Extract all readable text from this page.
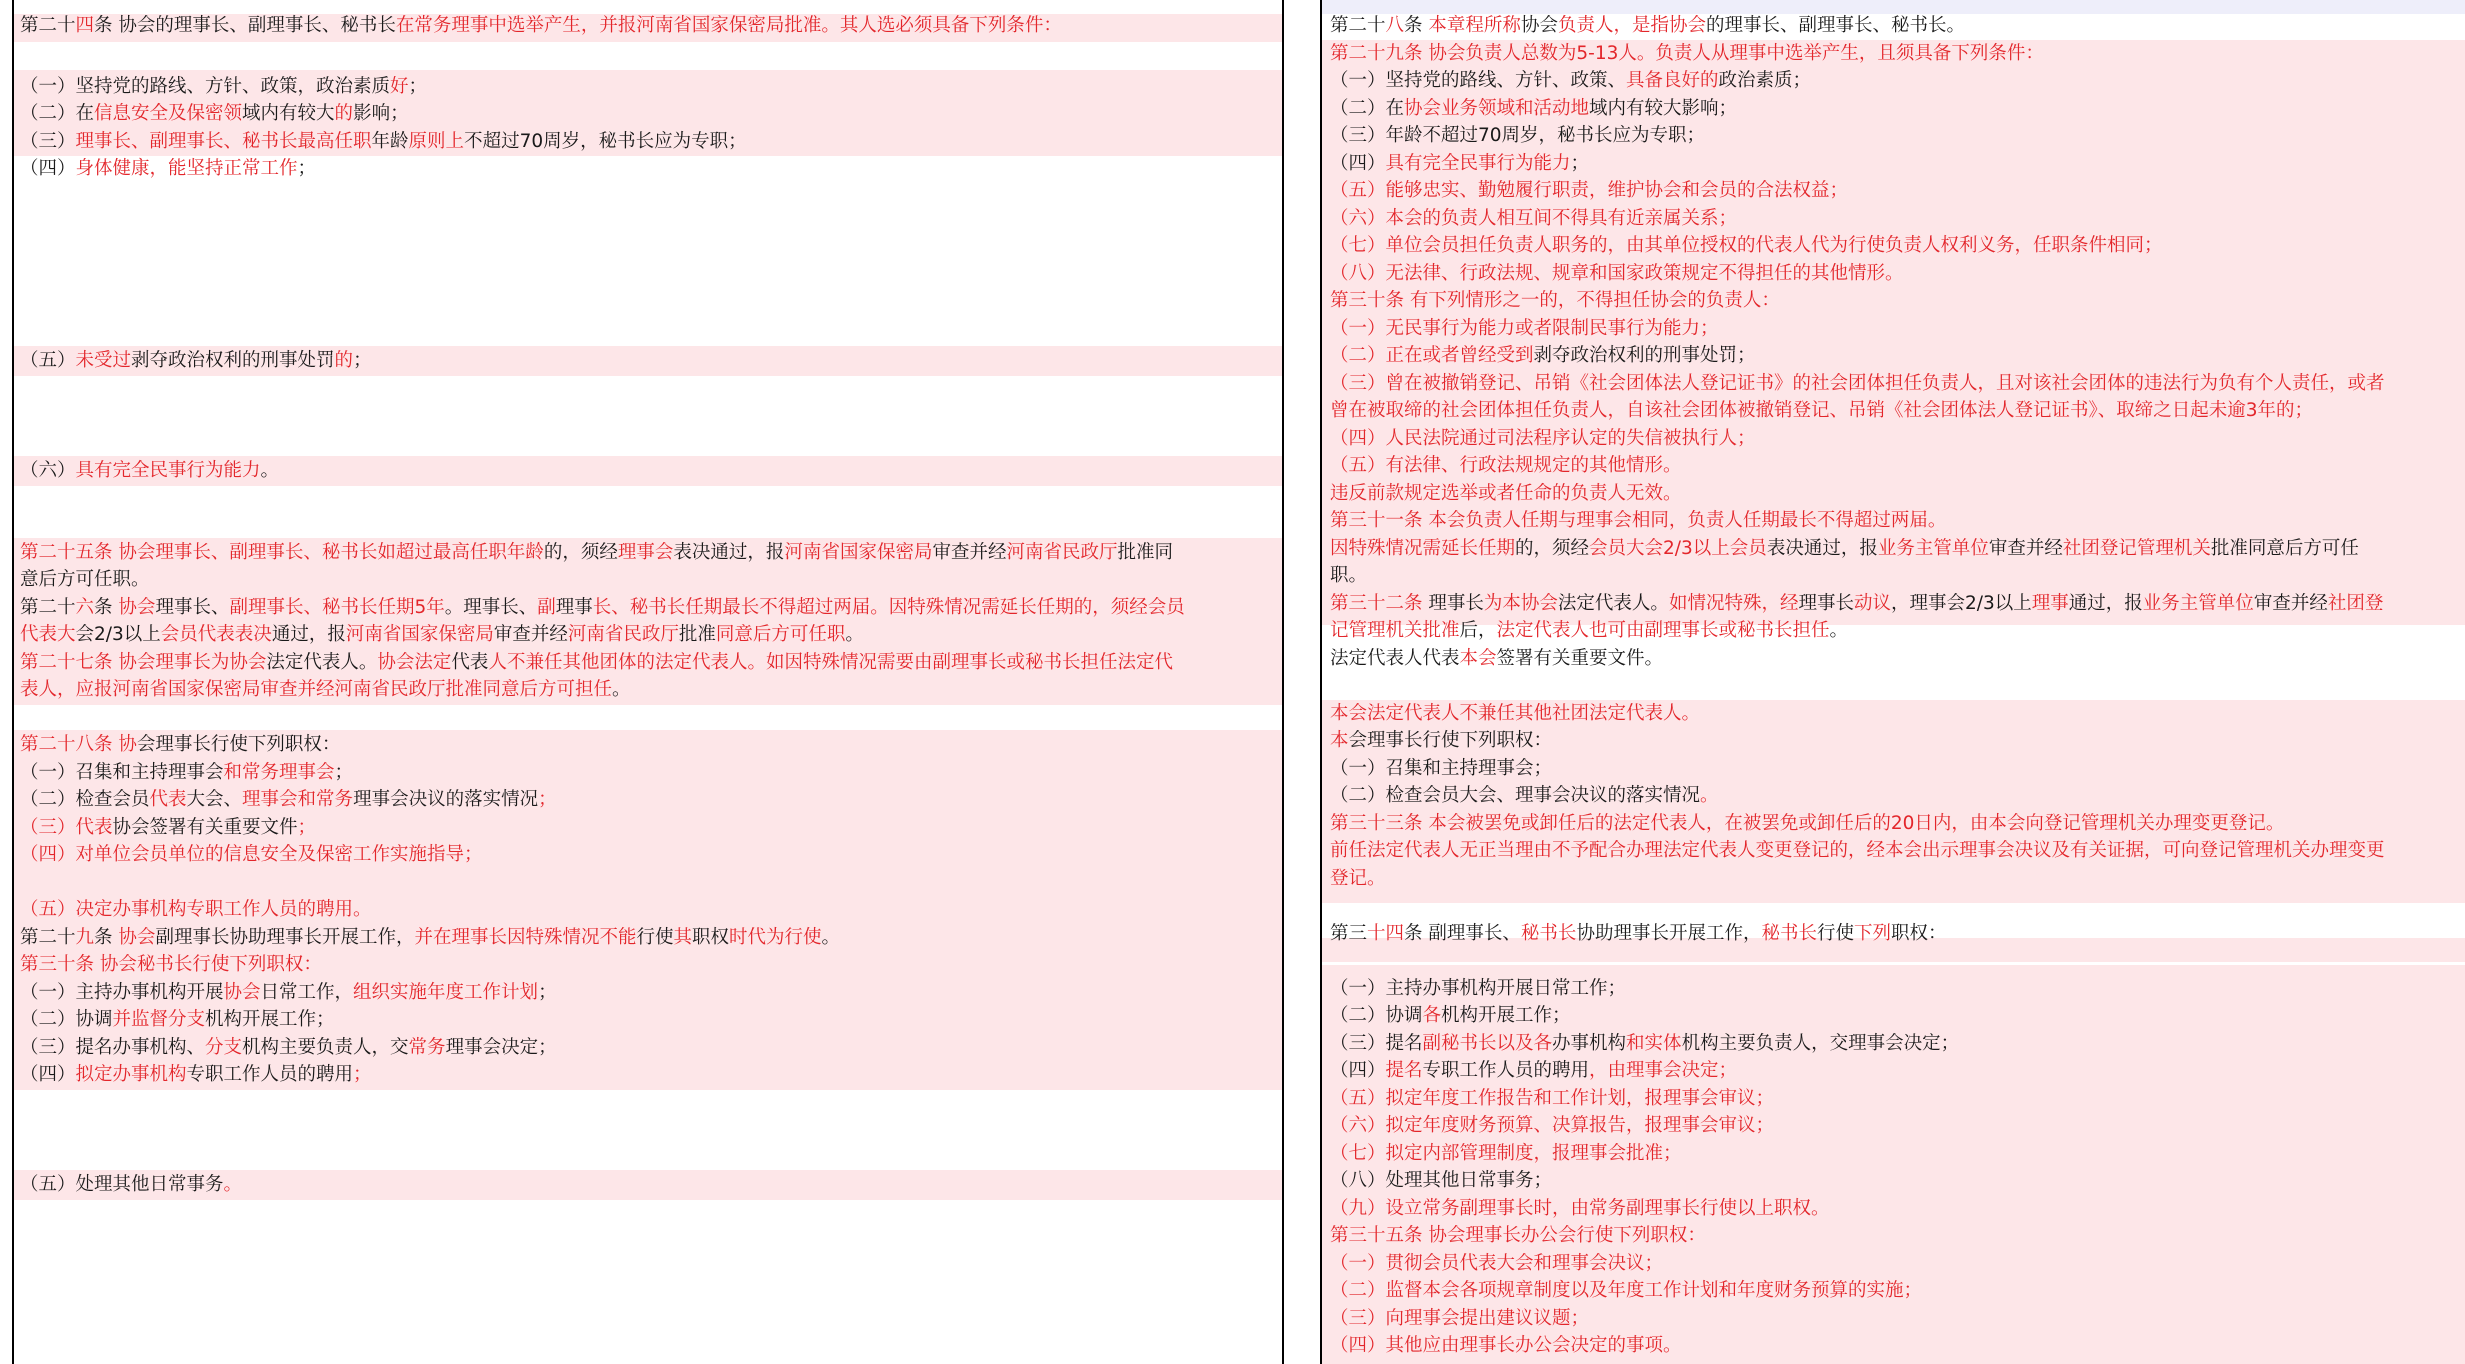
第二十四条 协会的理事长、副理事长、秘书长在常务理事中选举产生，并报河南省国家保密局批准。其人选必须具备下列条件：
（一）坚持党的路线、方针、政策，政治素质好；
（二）在信息安全及保密领域内有较大的影响；
（三）理事长、副理事长、秘书长最高任职年龄原则上不超过70周岁，秘书长应为专职；
（四）身体健康，能坚持正常工作；
（五）未受过剥夺政治权利的刑事处罚的；
（六）具有完全民事行为能力。
第二十五条 协会理事长、副理事长、秘书长如超过最高任职年龄的，须经理事会表决通过，报河南省国家保密局审查并经河南省民政厅批准同
意后方可任职。
第二十六条 协会理事长、副理事长、秘书长任期5年。理事长、副理事长、秘书长任期最长不得超过两届。因特殊情况需延长任期的，须经会员
代表大会2/3以上会员代表表决通过，报河南省国家保密局审查并经河南省民政厅批准同意后方可任职。
第二十七条 协会理事长为协会法定代表人。协会法定代表人不兼任其他团体的法定代表人。如因特殊情况需要由副理事长或秘书长担任法定代
表人，应报河南省国家保密局审查并经河南省民政厅批准同意后方可担任。
第二十八条 协会理事长行使下列职权：
（一）召集和主持理事会和常务理事会；
（二）检查会员代表大会、理事会和常务理事会决议的落实情况；
（三）代表协会签署有关重要文件；
（四）对单位会员单位的信息安全及保密工作实施指导；
（五）决定办事机构专职工作人员的聘用。
第二十九条 协会副理事长协助理事长开展工作，并在理事长因特殊情况不能行使其职权时代为行使。
第三十条 协会秘书长行使下列职权：
（一）主持办事机构开展协会日常工作，组织实施年度工作计划；
（二）协调并监督分支机构开展工作；
（三）提名办事机构、分支机构主要负责人，交常务理事会决定；
（四）拟定办事机构专职工作人员的聘用；
（五）处理其他日常事务。
第二十八条 本章程所称协会负责人，是指协会的理事长、副理事长、秘书长。
第二十九条 协会负责人总数为5-13人。负责人从理事中选举产生，且须具备下列条件：
（一）坚持党的路线、方针、政策、具备良好的政治素质；
（二）在协会业务领域和活动地域内有较大影响；
（三）年龄不超过70周岁，秘书长应为专职；
（四）具有完全民事行为能力；
（五）能够忠实、勤勉履行职责，维护协会和会员的合法权益；
（六）本会的负责人相互间不得具有近亲属关系；
（七）单位会员担任负责人职务的，由其单位授权的代表人代为行使负责人权利义务，任职条件相同；
（八）无法律、行政法规、规章和国家政策规定不得担任的其他情形。
第三十条 有下列情形之一的，不得担任协会的负责人：
（一）无民事行为能力或者限制民事行为能力；
（二）正在或者曾经受到剥夺政治权利的刑事处罚；
（三）曾在被撤销登记、吊销《社会团体法人登记证书》的社会团体担任负责人，且对该社会团体的违法行为负有个人责任，或者
曾在被取缔的社会团体担任负责人，自该社会团体被撤销登记、吊销《社会团体法人登记证书》、取缔之日起未逾3年的；
（四）人民法院通过司法程序认定的失信被执行人；
（五）有法律、行政法规规定的其他情形。
违反前款规定选举或者任命的负责人无效。
第三十一条 本会负责人任期与理事会相同，负责人任期最长不得超过两届。
因特殊情况需延长任期的，须经会员大会2/3以上会员表决通过，报业务主管单位审查并经社团登记管理机关批准同意后方可任
职。
第三十二条 理事长为本协会法定代表人。如情况特殊，经理事长动议，理事会2/3以上理事通过，报业务主管单位审查并经社团登
记管理机关批准后，法定代表人也可由副理事长或秘书长担任。
法定代表人代表本会签署有关重要文件。
本会法定代表人不兼任其他社团法定代表人。
本会理事长行使下列职权：
（一）召集和主持理事会；
（二）检查会员大会、理事会决议的落实情况。
第三十三条 本会被罢免或卸任后的法定代表人，在被罢免或卸任后的20日内，由本会向登记管理机关办理变更登记。
前任法定代表人无正当理由不予配合办理法定代表人变更登记的，经本会出示理事会决议及有关证据，可向登记管理机关办理变更
登记。
第三十四条 副理事长、秘书长协助理事长开展工作，秘书长行使下列职权：
（一）主持办事机构开展日常工作；
（二）协调各机构开展工作；
（三）提名副秘书长以及各办事机构和实体机构主要负责人，交理事会决定；
（四）提名专职工作人员的聘用，由理事会决定；
（五）拟定年度工作报告和工作计划，报理事会审议；
（六）拟定年度财务预算、决算报告，报理事会审议；
（七）拟定内部管理制度，报理事会批准；
（八）处理其他日常事务；
（九）设立常务副理事长时，由常务副理事长行使以上职权。
第三十五条 协会理事长办公会行使下列职权：
（一）贯彻会员代表大会和理事会决议；
（二）监督本会各项规章制度以及年度工作计划和年度财务预算的实施；
（三）向理事会提出建议议题；
（四）其他应由理事长办公会决定的事项。
